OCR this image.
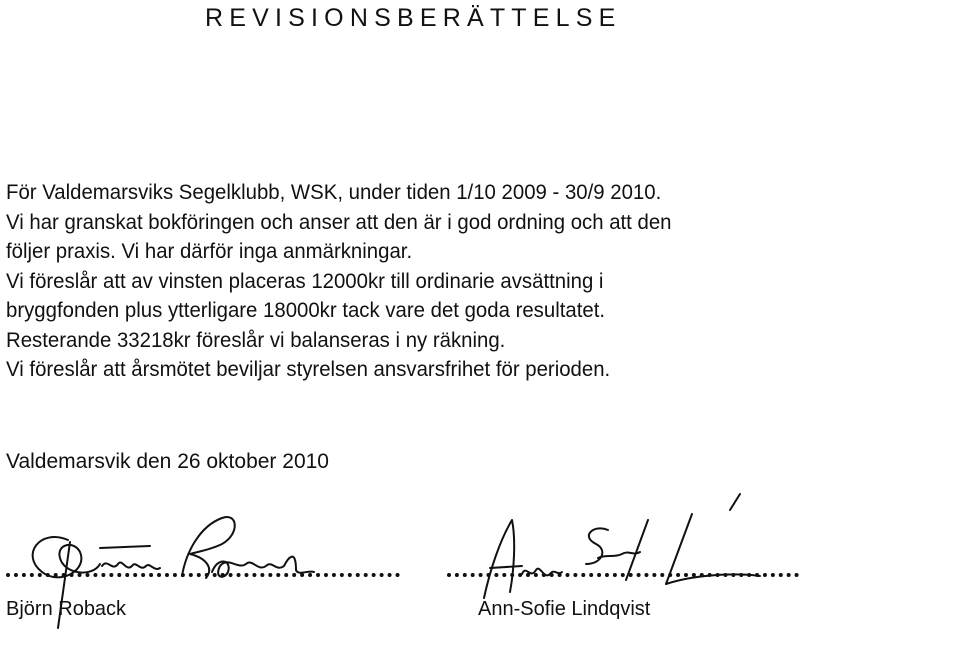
REVISIONSBERÄTTELSE
För Valdemarsviks Segelklubb, WSK, under tiden 1/10 2009 - 30/9 2010.
Vi har granskat bokföringen och anser att den är i god ordning och att den
följer praxis. Vi har därför inga anmärkningar.
Vi föreslår att av vinsten placeras 12000kr till ordinarie avsättning i
bryggfonden plus ytterligare 18000kr tack vare det goda resultatet.
Resterande 33218kr föreslår vi balanseras i ny räkning.
Vi föreslår att årsmötet beviljar styrelsen ansvarsfrihet för perioden.
Valdemarsvik den 26 oktober 2010
Björn Roback
Ann-Sofie Lindqvist
Björn Roback	Ann-Sofie Lindqvist
